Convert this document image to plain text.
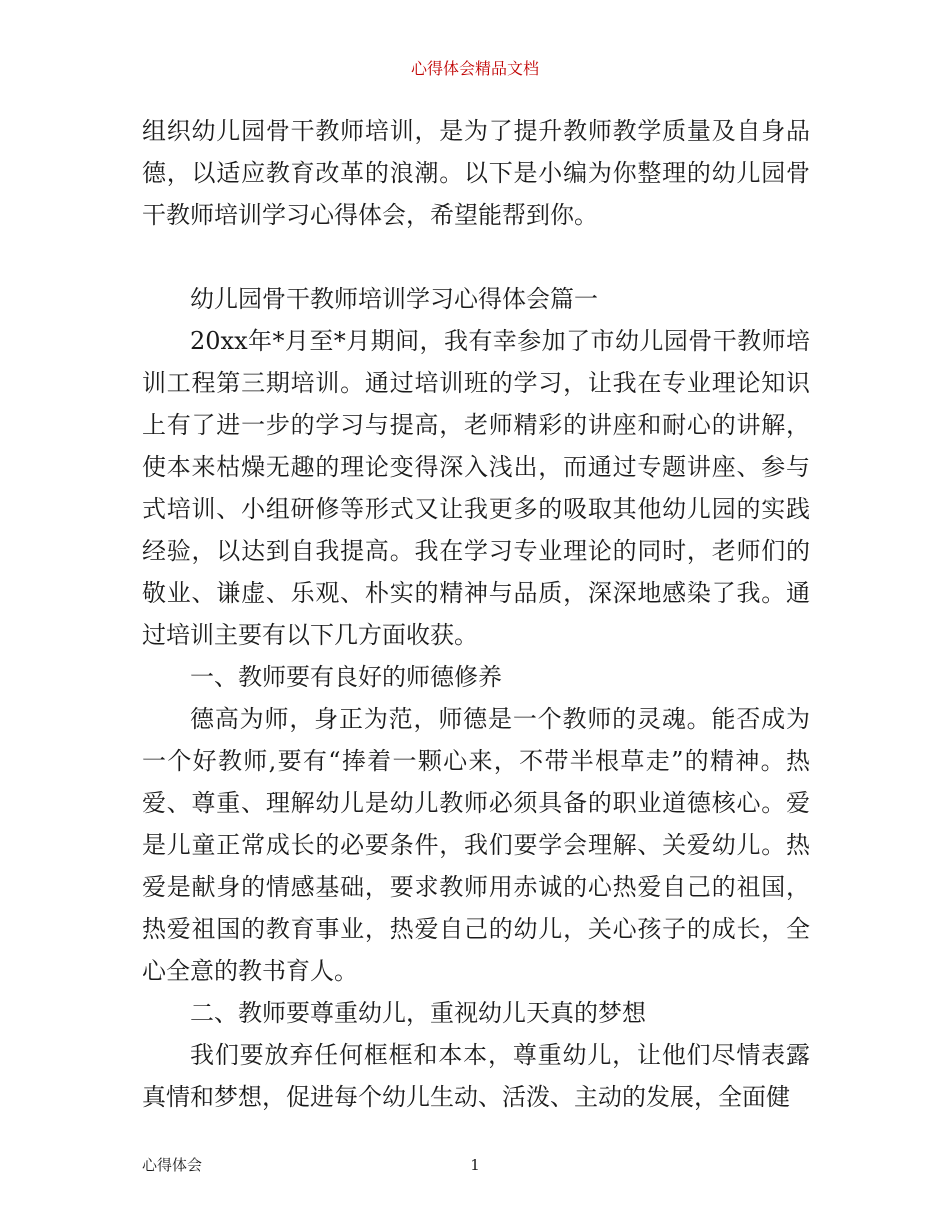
心得体会精品文档

组织幼儿园骨干教师培训，是为了提升教师教学质量及自身品德，以适应教育改革的浪潮。以下是小编为你整理的幼儿园骨干教师培训学习心得体会，希望能帮到你。

幼儿园骨干教师培训学习心得体会篇一

20xx年*月至*月期间，我有幸参加了市幼儿园骨干教师培训工程第三期培训。通过培训班的学习，让我在专业理论知识上有了进一步的学习与提高，老师精彩的讲座和耐心的讲解，使本来枯燥无趣的理论变得深入浅出，而通过专题讲座、参与式培训、小组研修等形式又让我更多的吸取其他幼儿园的实践经验，以达到自我提高。我在学习专业理论的同时，老师们的敬业、谦虚、乐观、朴实的精神与品质，深深地感染了我。通过培训主要有以下几方面收获。

一、教师要有良好的师德修养

德高为师，身正为范，师德是一个教师的灵魂。能否成为一个好教师,要有“捧着一颗心来，不带半根草走”的精神。热爱、尊重、理解幼儿是幼儿教师必须具备的职业道德核心。爱是儿童正常成长的必要条件，我们要学会理解、关爱幼儿。热爱是献身的情感基础，要求教师用赤诚的心热爱自己的祖国，热爱祖国的教育事业，热爱自己的幼儿，关心孩子的成长，全心全意的教书育人。

二、教师要尊重幼儿，重视幼儿天真的梦想

我们要放弃任何框框和本本，尊重幼儿，让他们尽情表露真情和梦想，促进每个幼儿生动、活泼、主动的发展，全面健

心得体会	1
